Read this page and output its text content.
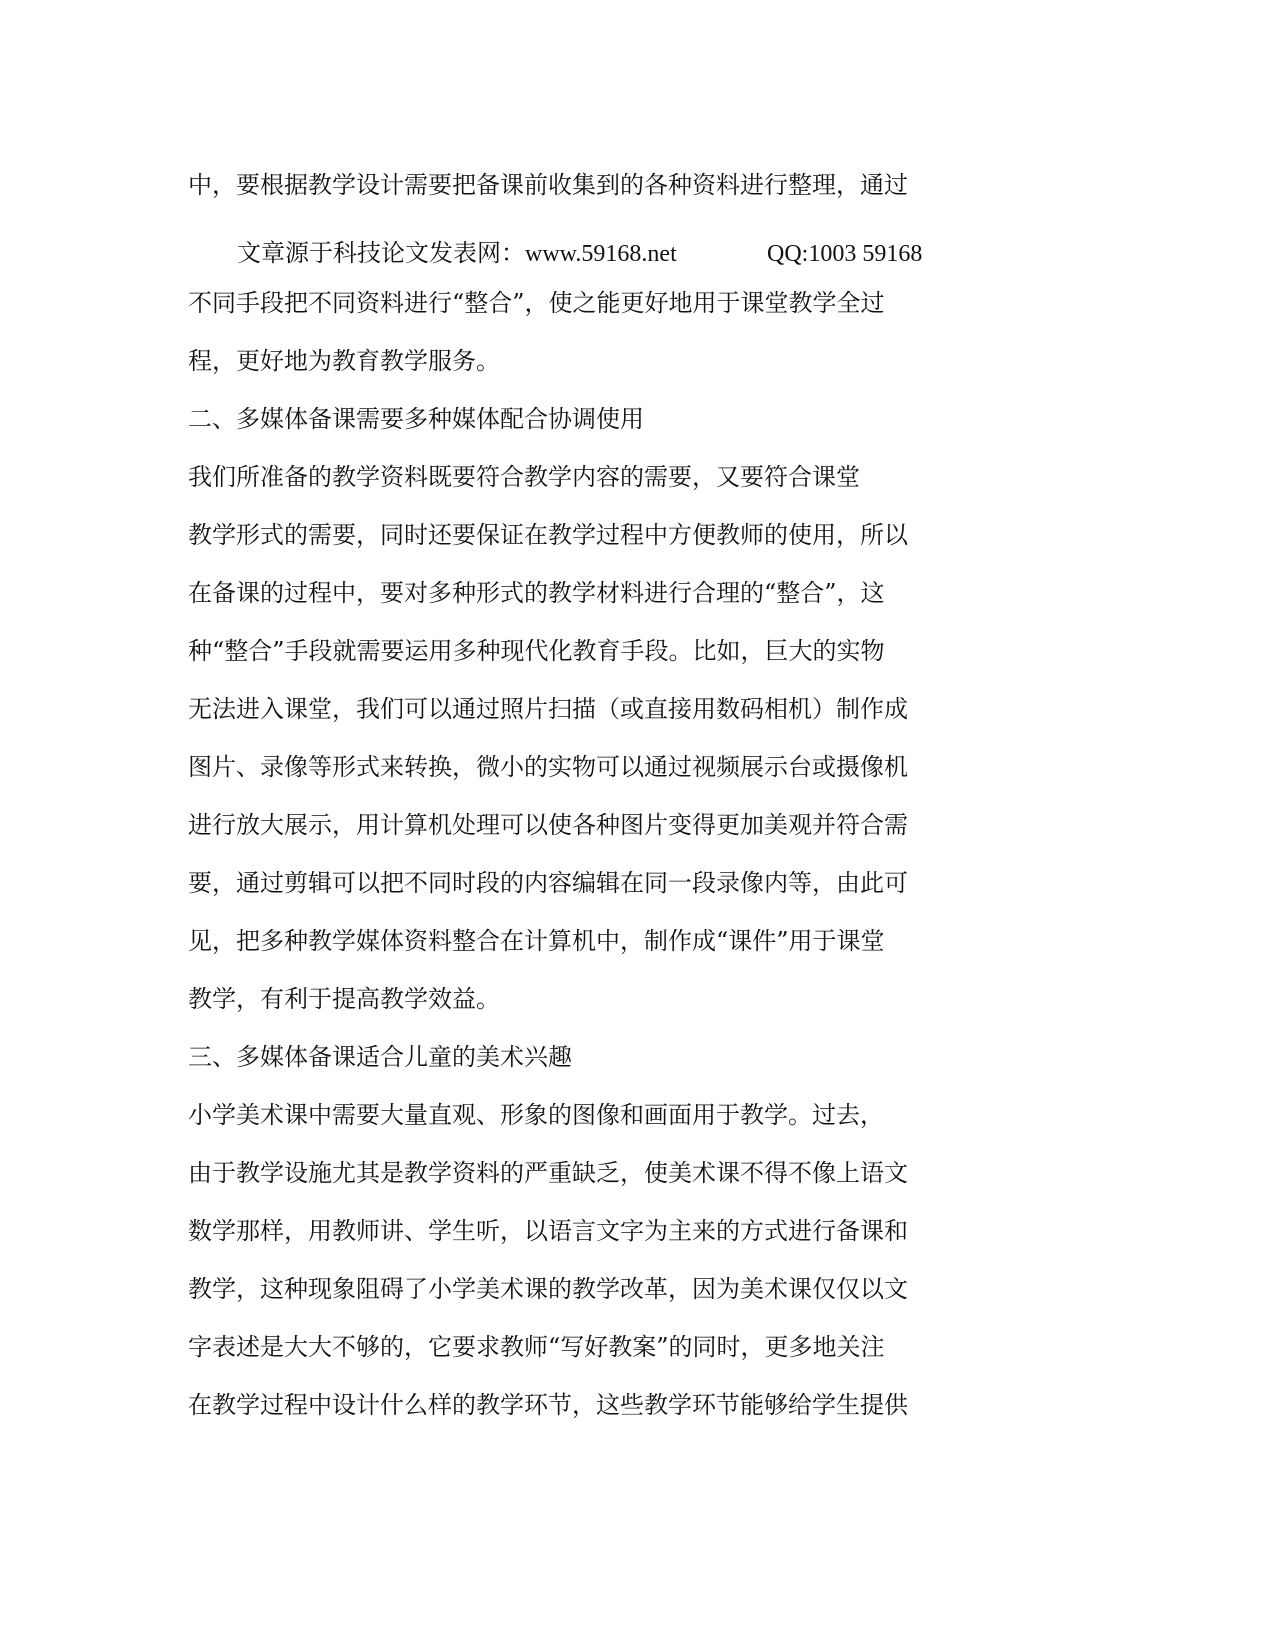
中，要根据教学设计需要把备课前收集到的各种资料进行整理，通过
文章源于科技论文发表网：www.59168.net	QQ:1003 59168
不同手段把不同资料进行“整合”，使之能更好地用于课堂教学全过
程，更好地为教育教学服务。
二、多媒体备课需要多种媒体配合协调使用
我们所准备的教学资料既要符合教学内容的需要，又要符合课堂
教学形式的需要，同时还要保证在教学过程中方便教师的使用，所以
在备课的过程中，要对多种形式的教学材料进行合理的“整合”，这
种“整合”手段就需要运用多种现代化教育手段。比如，巨大的实物
无法进入课堂，我们可以通过照片扫描（或直接用数码相机）制作成
图片、录像等形式来转换，微小的实物可以通过视频展示台或摄像机
进行放大展示，用计算机处理可以使各种图片变得更加美观并符合需
要，通过剪辑可以把不同时段的内容编辑在同一段录像内等，由此可
见，把多种教学媒体资料整合在计算机中，制作成“课件”用于课堂
教学，有利于提高教学效益。
三、多媒体备课适合儿童的美术兴趣
小学美术课中需要大量直观、形象的图像和画面用于教学。过去，
由于教学设施尤其是教学资料的严重缺乏，使美术课不得不像上语文
数学那样，用教师讲、学生听，以语言文字为主来的方式进行备课和
教学，这种现象阻碍了小学美术课的教学改革，因为美术课仅仅以文
字表述是大大不够的，它要求教师“写好教案”的同时，更多地关注
在教学过程中设计什么样的教学环节，这些教学环节能够给学生提供
